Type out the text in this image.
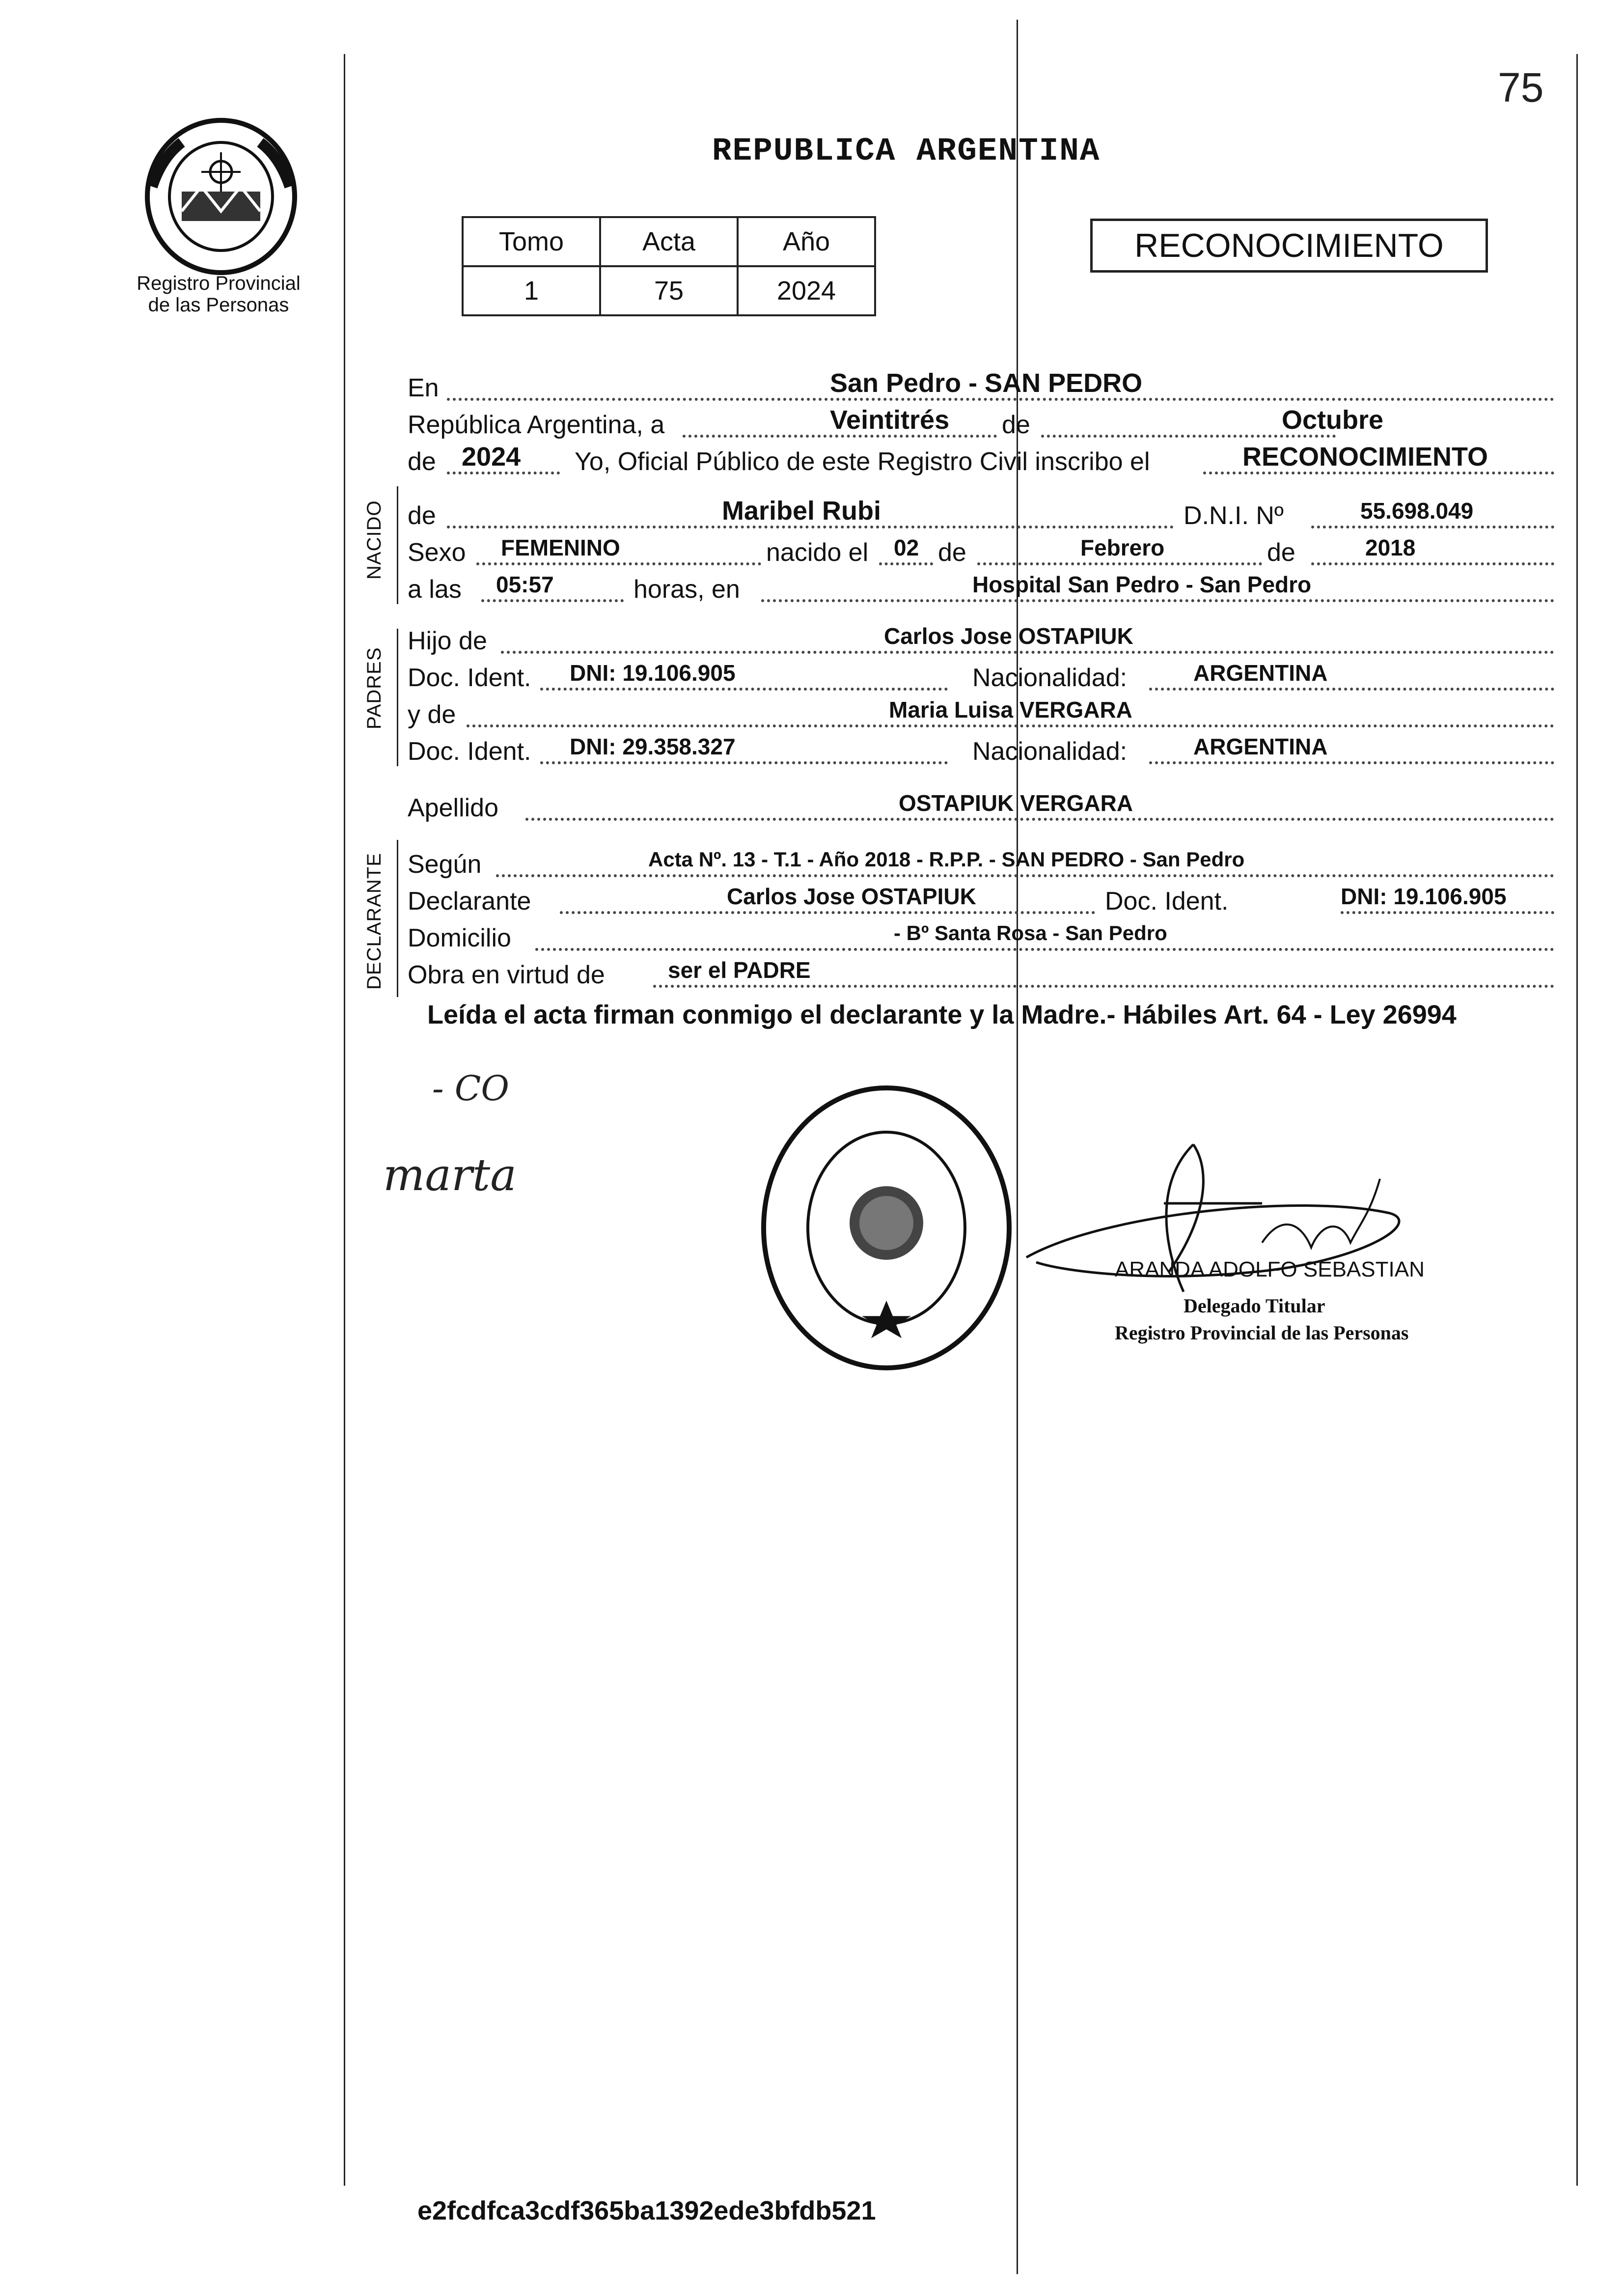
75
Registro Provincial
de las Personas
REPUBLICA ARGENTINA
Tomo	Acta	Año
1	75	2024
RECONOCIMIENTO
NACIDO
PADRES
DECLARANTE
En	San Pedro - SAN PEDRO
República Argentina, a	Veintitrés de	Octubre
de 2024 Yo, Oficial Público de este Registro Civil inscribo el	RECONOCIMIENTO
de	Maribel Rubi	D.N.I. Nº	55.698.049
Sexo FEMENINO	nacido el 02 de	Febrero	de	2018
a las 05:57	horas, en	Hospital San Pedro - San Pedro
Hijo de	Carlos Jose OSTAPIUK
Doc. Ident. DNI: 19.106.905	Nacionalidad:	ARGENTINA
y de	Maria Luisa VERGARA
Doc. Ident. DNI: 29.358.327	Nacionalidad:	ARGENTINA
Apellido	OSTAPIUK VERGARA
Según	Acta Nº. 13 - T.1 - Año 2018 - R.P.P. - SAN PEDRO - San Pedro
Declarante	Carlos Jose OSTAPIUK	Doc. Ident.	DNI: 19.106.905
Domicilio	- Bº Santa Rosa - San Pedro
Obra en virtud de	ser el PADRE
Leída el acta firman conmigo el declarante y la Madre.- Hábiles Art. 64 - Ley 26994
- CO
marta
ARANDA ADOLFO SEBASTIAN
Delegado Titular
Registro Provincial de las Personas
e2fcdfca3cdf365ba1392ede3bfdb521
